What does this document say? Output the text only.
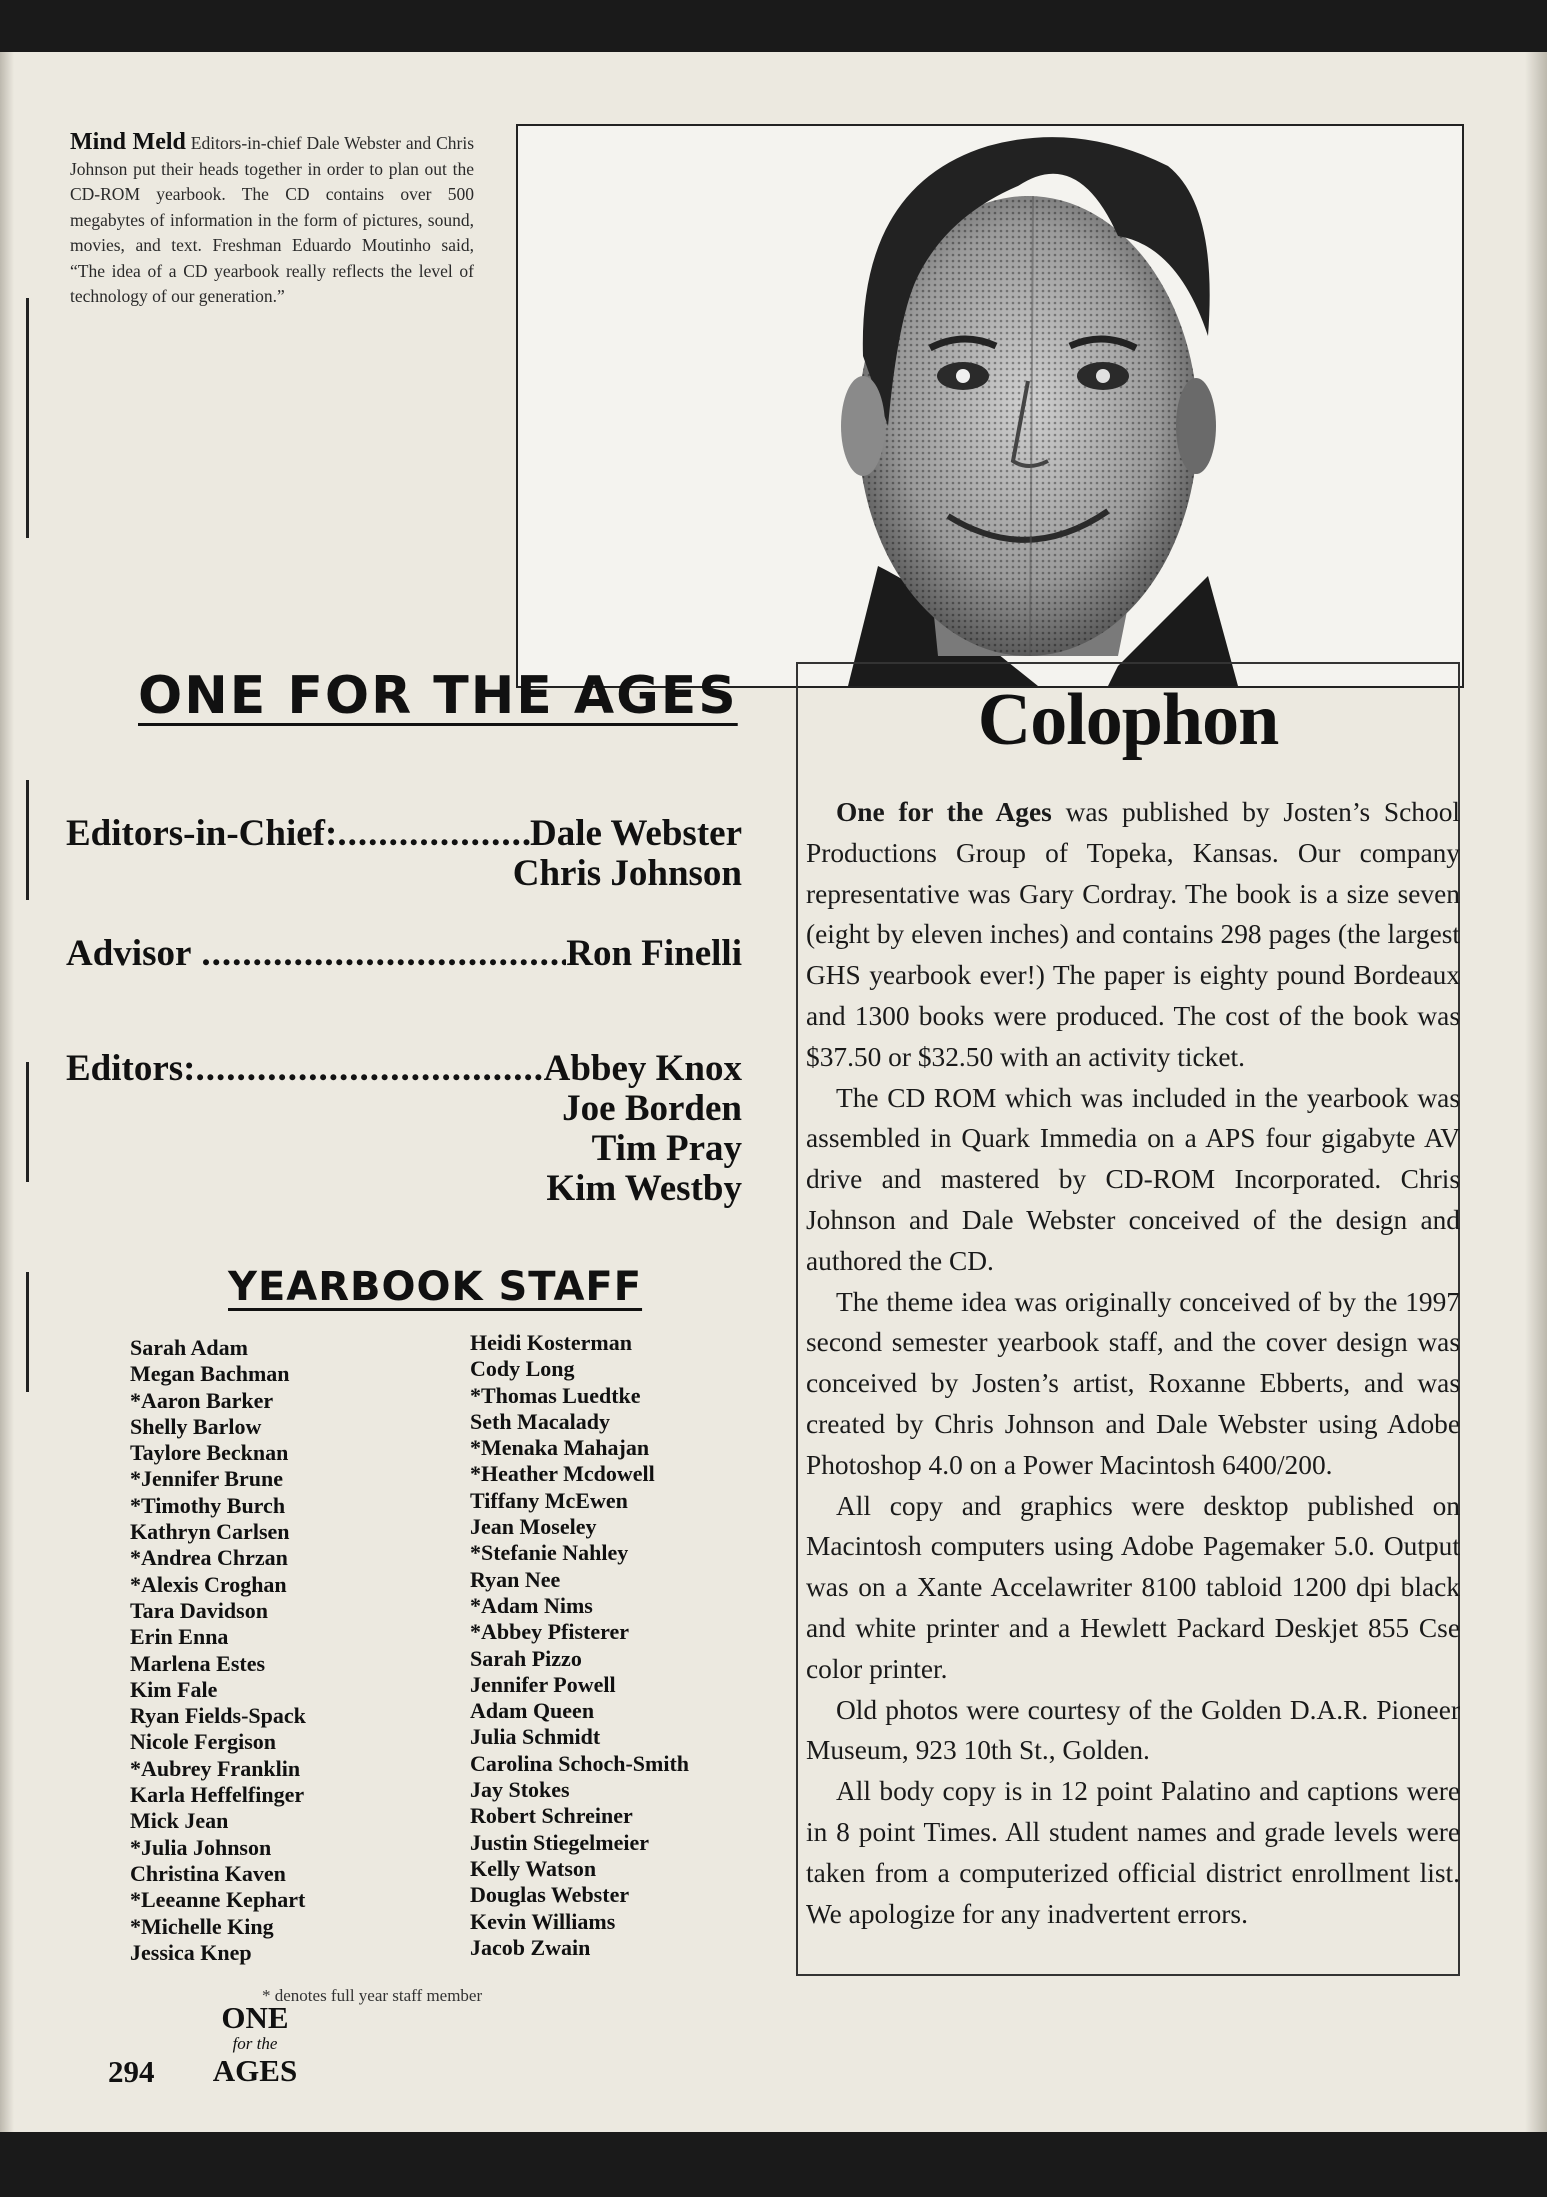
Mind Meld Editors-in-chief Dale Webster and Chris Johnson put their heads together in order to plan out the CD-ROM yearbook. The CD contains over 500 megabytes of information in the form of pictures, sound, movies, and text. Freshman Eduardo Moutinho said, “The idea of a CD yearbook really reflects the level of technology of our generation.”
ONE FOR THE AGES
Editors-in-Chief: .....	Dale Webster
Chris Johnson
Advisor .....	Ron Finelli
Editors: .....	Abbey Knox
Joe Borden
Tim Pray
Kim Westby
YEARBOOK STAFF
Sarah Adam
Megan Bachman
*Aaron Barker
Shelly Barlow
Taylore Becknan
*Jennifer Brune
*Timothy Burch
Kathryn Carlsen
*Andrea Chrzan
*Alexis Croghan
Tara Davidson
Erin Enna
Marlena Estes
Kim Fale
Ryan Fields-Spack
Nicole Fergison
*Aubrey Franklin
Karla Heffelfinger
Mick Jean
*Julia Johnson
Christina Kaven
*Leeanne Kephart
*Michelle King
Jessica Knep
Heidi Kosterman
Cody Long
*Thomas Luedtke
Seth Macalady
*Menaka Mahajan
*Heather Mcdowell
Tiffany McEwen
Jean Moseley
*Stefanie Nahley
Ryan Nee
*Adam Nims
*Abbey Pfisterer
Sarah Pizzo
Jennifer Powell
Adam Queen
Julia Schmidt
Carolina Schoch-Smith
Jay Stokes
Robert Schreiner
Justin Stiegelmeier
Kelly Watson
Douglas Webster
Kevin Williams
Jacob Zwain
* denotes full year staff member
294
ONE
for the
AGES
Colophon

One for the Ages was published by Josten’s School Productions Group of Topeka, Kansas. Our company representative was Gary Cordray. The book is a size seven (eight by eleven inches) and contains 298 pages (the largest GHS yearbook ever!) The paper is eighty pound Bordeaux and 1300 books were produced. The cost of the book was $37.50 or $32.50 with an activity ticket.

The CD ROM which was included in the yearbook was assembled in Quark Immedia on a APS four gigabyte AV drive and mastered by CD-ROM Incorporated. Chris Johnson and Dale Webster conceived of the design and authored the CD.

The theme idea was originally conceived of by the 1997 second semester yearbook staff, and the cover design was conceived by Josten’s artist, Roxanne Ebberts, and was created by Chris Johnson and Dale Webster using Adobe Photoshop 4.0 on a Power Macintosh 6400/200.

All copy and graphics were desktop published on Macintosh computers using Adobe Pagemaker 5.0. Output was on a Xante Accelawriter 8100 tabloid 1200 dpi black and white printer and a Hewlett Packard Deskjet 855 Cse color printer.

Old photos were courtesy of the Golden D.A.R. Pioneer Museum, 923 10th St., Golden.

All body copy is in 12 point Palatino and captions were in 8 point Times. All student names and grade levels were taken from a computerized official district enrollment list. We apologize for any inadvertent errors.
